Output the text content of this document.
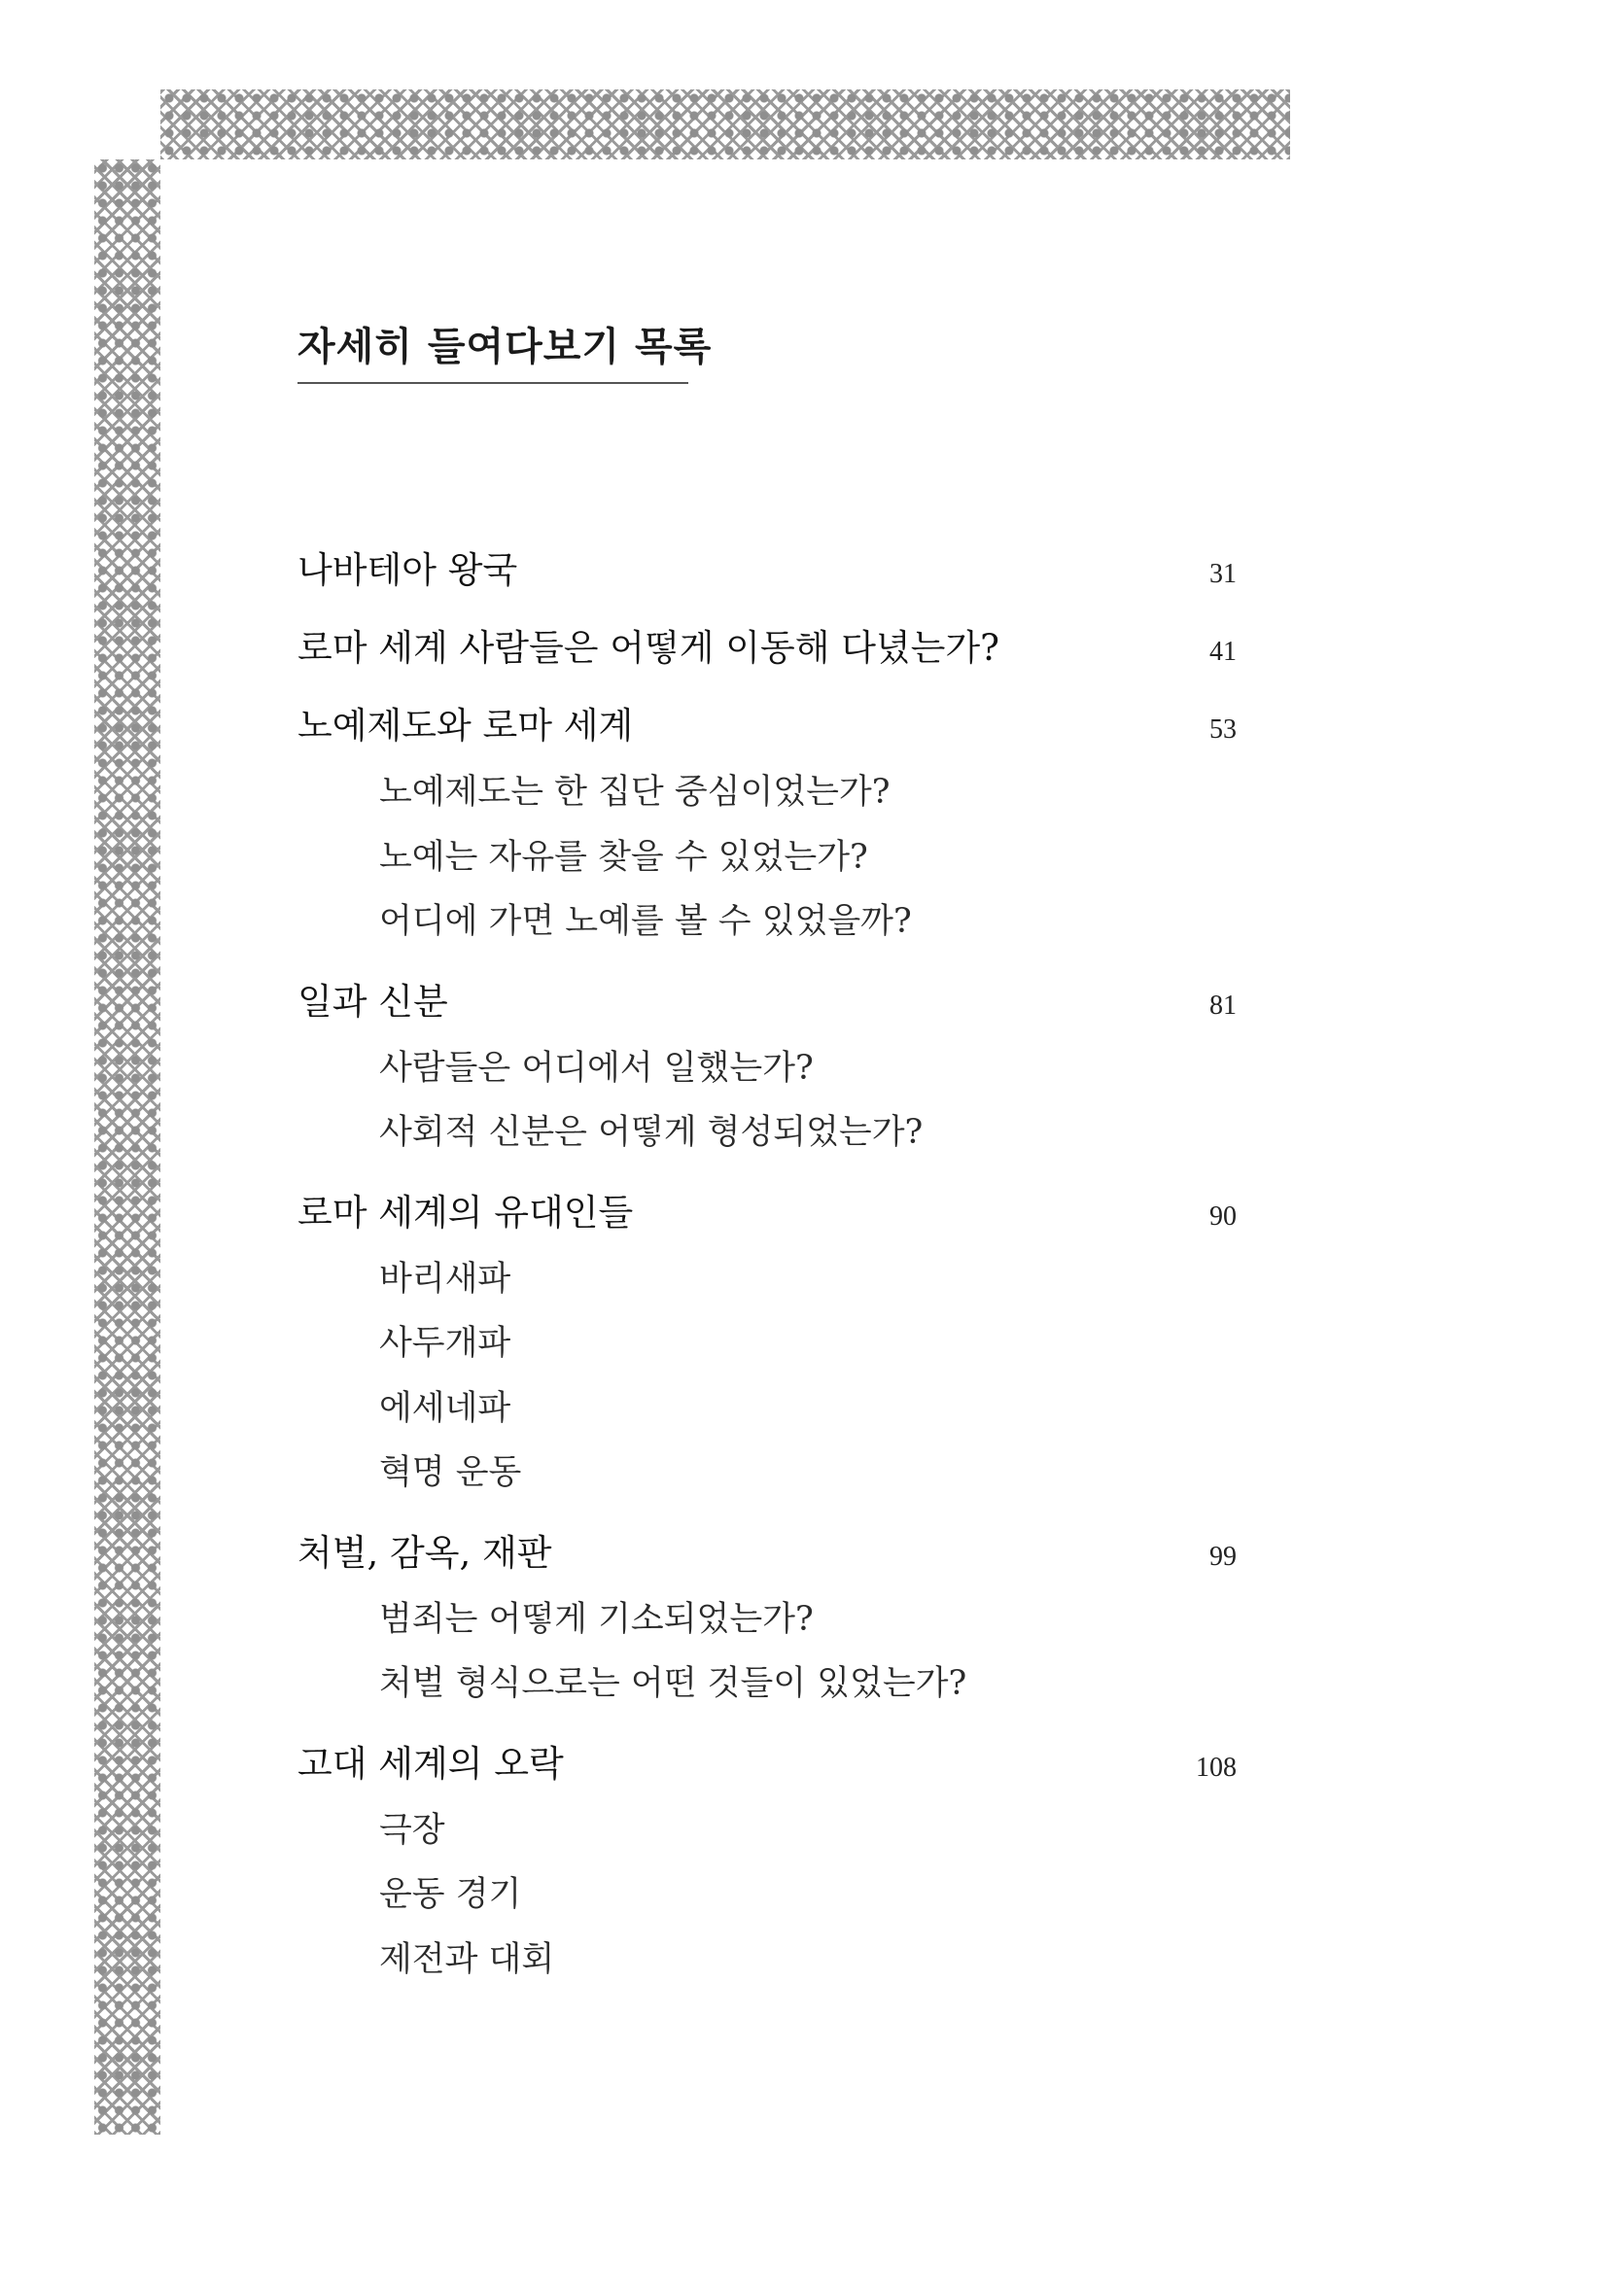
자세히 들여다보기 목록
나바테아 왕국	31
로마 세계 사람들은 어떻게 이동해 다녔는가?	41
노예제도와 로마 세계	53
노예제도는 한 집단 중심이었는가?
노예는 자유를 찾을 수 있었는가?
어디에 가면 노예를 볼 수 있었을까?
일과 신분	81
사람들은 어디에서 일했는가?
사회적 신분은 어떻게 형성되었는가?
로마 세계의 유대인들	90
바리새파
사두개파
에세네파
혁명 운동
처벌, 감옥, 재판	99
범죄는 어떻게 기소되었는가?
처벌 형식으로는 어떤 것들이 있었는가?
고대 세계의 오락	108
극장
운동 경기
제전과 대회
